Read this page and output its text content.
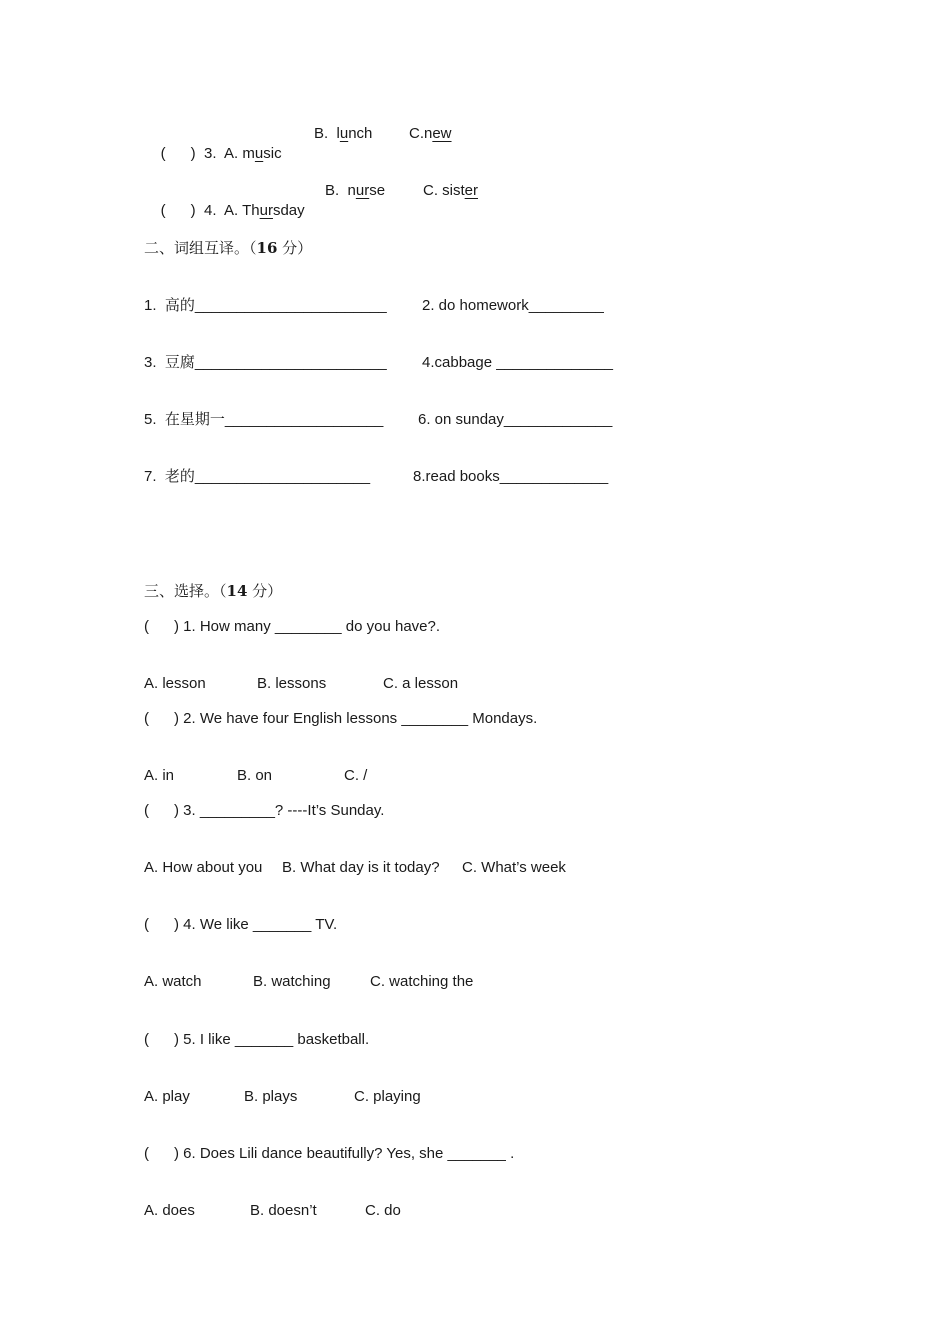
(      ) 3. A. music

B.  lunch C.new

(      ) 4. A. Thursday

B.  nurse	C. sister
二、词组互译。（16 分）
1.  高的_______________________ 2. do homework_________
3.  豆腐_______________________ 4.cabbage ______________
5.  在星期一___________________ 6. on sunday_____________
7.  老的_____________________	8.read books_____________
三、选择。（14 分）
(      ) 1. How many ________ do you have?.
A. lesson	B. lessons	C. a lesson
(      ) 2. We have four English lessons ________ Mondays.
A. in	B. on	C. /
(      ) 3. _________? ----It’s Sunday.
A. How about you B. What day is it today? C. What’s week
(      ) 4. We like _______ TV.
A. watch	B. watching	C. watching the
(      ) 5. I like _______ basketball.
A. play	B. plays	C. playing
(      ) 6. Does Lili dance beautifully? Yes, she _______ .
A. does	B. doesn’t	C. do
